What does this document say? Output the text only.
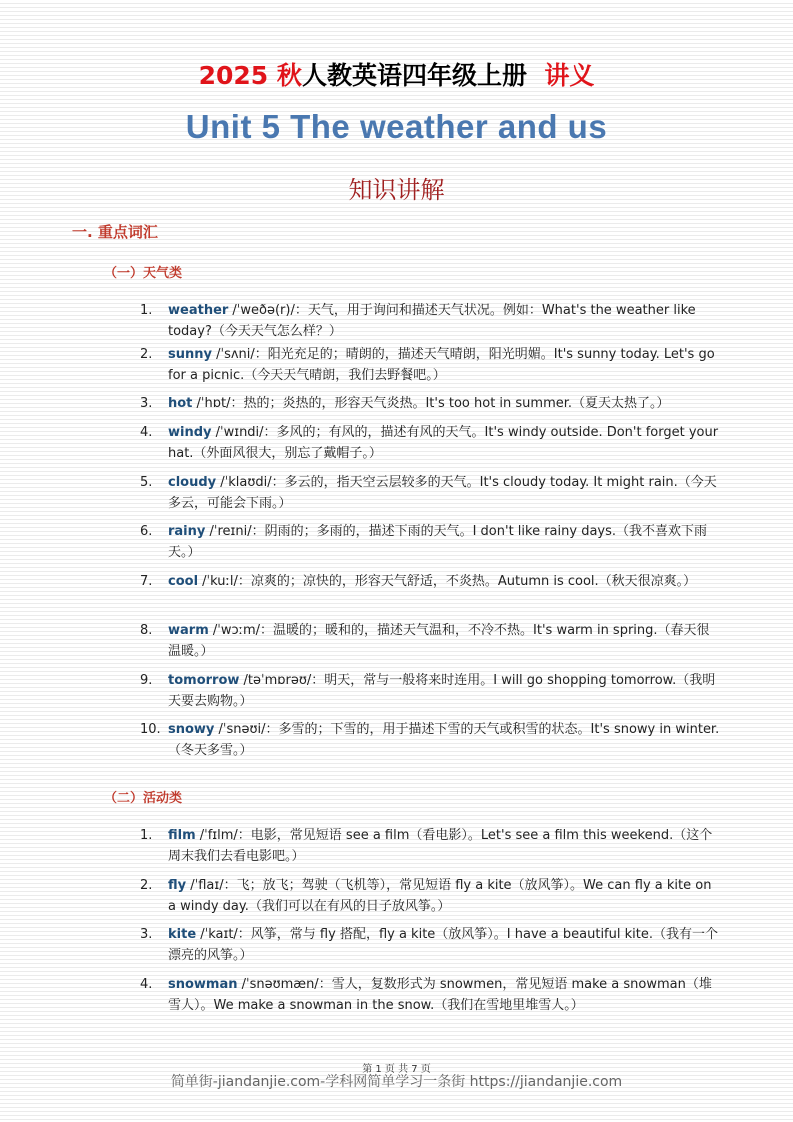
2025 秋人教英语四年级上册 讲义
Unit 5 The weather and us
知识讲解
一. 重点词汇
（一）天气类
1.	weather /ˈweðə(r)/：天气，用于询问和描述天气状况。例如：What's the weather like today?（今天天气怎么样？）
2.	sunny /ˈsʌni/：阳光充足的；晴朗的，描述天气晴朗，阳光明媚。It's sunny today. Let's go for a picnic.（今天天气晴朗，我们去野餐吧。）
3.	hot /ˈhɒt/：热的；炎热的，形容天气炎热。It's too hot in summer.（夏天太热了。）
4.	windy /ˈwɪndi/：多风的；有风的，描述有风的天气。It's windy outside. Don't forget your hat.（外面风很大，别忘了戴帽子。）
5.	cloudy /ˈklaʊdi/：多云的，指天空云层较多的天气。It's cloudy today. It might rain.（今天多云，可能会下雨。）
6.	rainy /ˈreɪni/：阴雨的；多雨的，描述下雨的天气。I don't like rainy days.（我不喜欢下雨天。）
7.	cool /ˈkuːl/：凉爽的；凉快的，形容天气舒适，不炎热。Autumn is cool.（秋天很凉爽。）
8.	warm /ˈwɔːm/：温暖的；暖和的，描述天气温和，不冷不热。It's warm in spring.（春天很温暖。）
9.	tomorrow /təˈmɒrəʊ/：明天，常与一般将来时连用。I will go shopping tomorrow.（我明天要去购物。）
10. snowy /ˈsnəʊi/：多雪的；下雪的，用于描述下雪的天气或积雪的状态。It's snowy in winter.（冬天多雪。）
（二）活动类
1.	film /ˈfɪlm/：电影，常见短语 see a film（看电影）。Let's see a film this weekend.（这个周末我们去看电影吧。）
2.	fly /ˈflaɪ/：飞；放飞；驾驶（飞机等），常见短语 fly a kite（放风筝）。We can fly a kite on a windy day.（我们可以在有风的日子放风筝。）
3.	kite /ˈkaɪt/：风筝，常与 fly 搭配，fly a kite（放风筝）。I have a beautiful kite.（我有一个漂亮的风筝。）
4.	snowman /ˈsnəʊmæn/：雪人，复数形式为 snowmen，常见短语 make a snowman（堆雪人）。We make a snowman in the snow.（我们在雪地里堆雪人。）
第 1 页 共 7 页
简单街-jiandanjie.com-学科网简单学习一条街 https://jiandanjie.com
